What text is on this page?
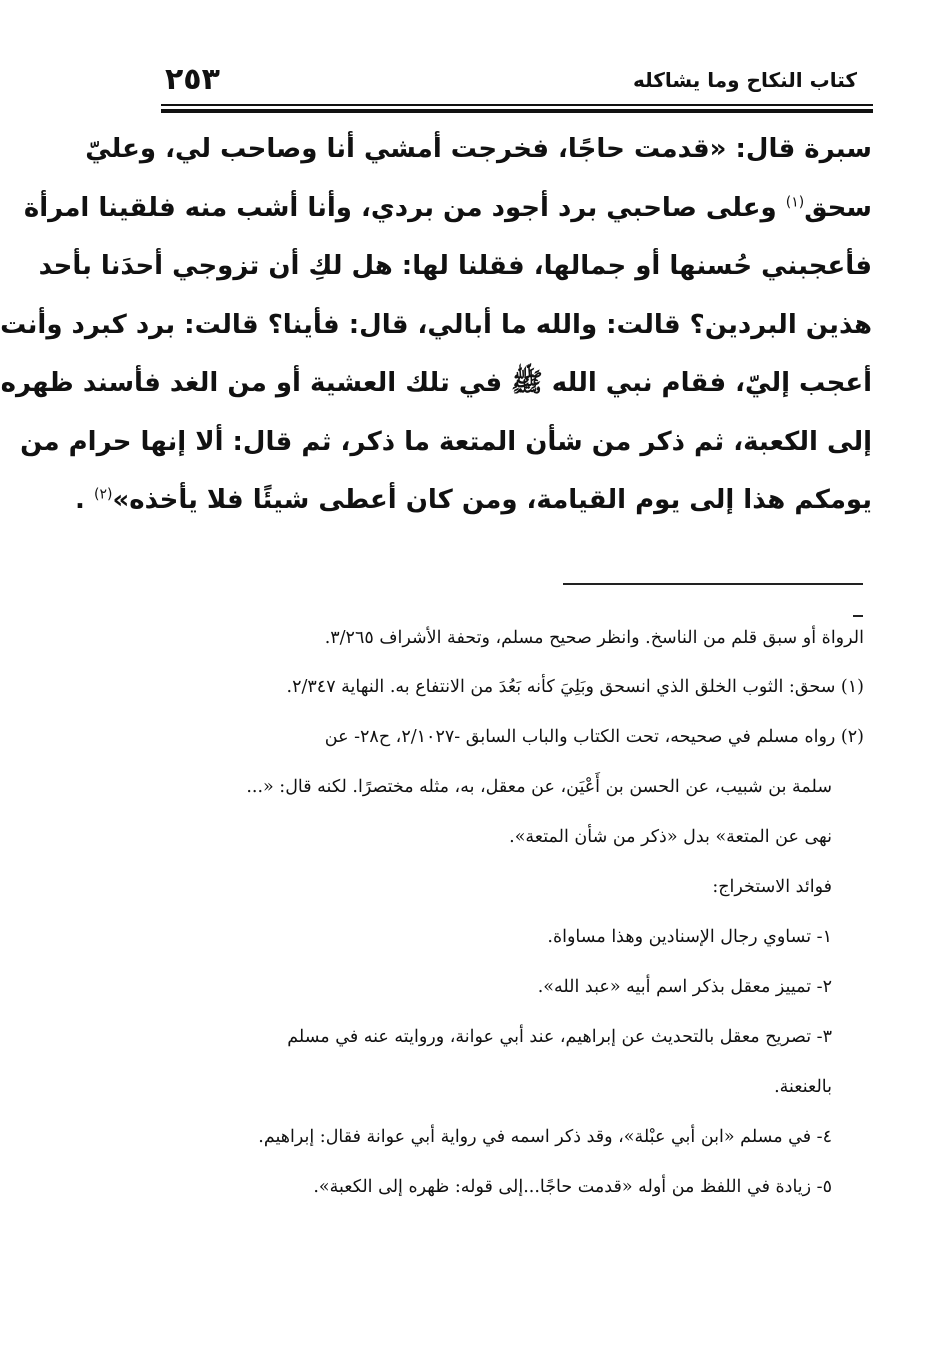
٢٥٣	كتاب النكاح وما يشاكله
سبرة قال: «قدمت حاجًا، فخرجت أمشي أنا وصاحب لي، وعليّ
سحق$^{(١)}$ وعلى صاحبي برد أجود من بردي، وأنا أشب منه فلقينا امرأة
فأعجبني حُسنها أو جمالها، فقلنا لها: هل لكِ أن تزوجي أحدَنا بأحد
هذين البردين؟ قالت: والله ما أبالي، قال: فأينا؟ قالت: برد كبرد وأنت
أعجب إليّ، فقام نبي الله ﷺ في تلك العشية أو من الغد فأسند ظهره
إلى الكعبة، ثم ذكر من شأن المتعة ما ذكر، ثم قال: ألا إنها حرام من
يومكم هذا إلى يوم القيامة، ومن كان أعطى شيئًا فلا يأخذه»$^{(٢)}$ .
الرواة أو سبق قلم من الناسخ. وانظر صحيح مسلم، وتحفة الأشراف ٣/٢٦٥.
(١) سحق: الثوب الخلق الذي انسحق وبَلِيَ كأنه بَعُدَ من الانتفاع به. النهاية ٢/٣٤٧.
(٢) رواه مسلم في صحيحه، تحت الكتاب والباب السابق -٢/١٠٢٧، ح٢٨- عن
سلمة بن شبيب، عن الحسن بن أَعْيَن، عن معقل، به، مثله مختصرًا. لكنه قال: «...
نهى عن المتعة» بدل «ذكر من شأن المتعة».
فوائد الاستخراج:
١- تساوي رجال الإسنادين وهذا مساواة.
٢- تمييز معقل بذكر اسم أبيه «عبد الله».
٣- تصريح معقل بالتحديث عن إبراهيم، عند أبي عوانة، وروايته عنه في مسلم
بالعنعنة.
٤- في مسلم «ابن أبي عبْلة»، وقد ذكر اسمه في رواية أبي عوانة فقال: إبراهيم.
٥- زيادة في اللفظ من أوله «قدمت حاجًا...إلى قوله: ظهره إلى الكعبة».
